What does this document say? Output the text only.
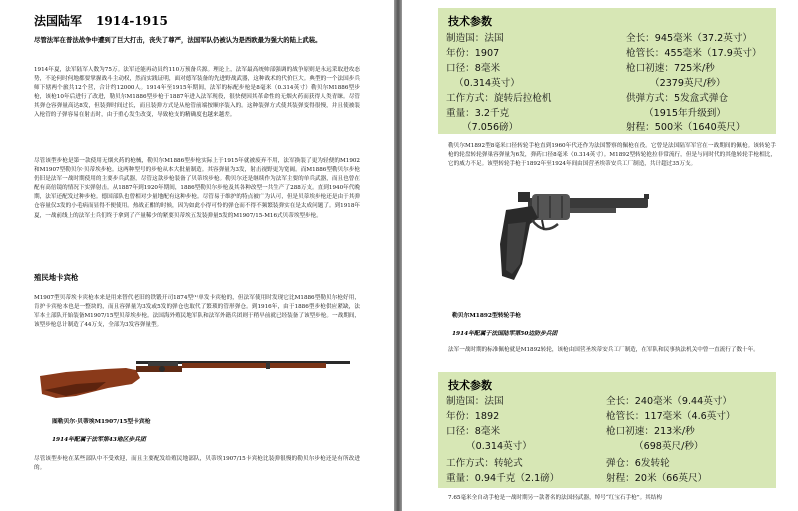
法国陆军 1914-1915
尽管法军在普法战争中遭到了巨大打击，丧失了尊严，法国军队仍被认为是西欧最为强大的陆上武装。
1914年夏，法军陆军人数为75万。法军还能再动员约110万预备兵源。理论上，法军最高统帅部强调的战争原则是永远采取进攻态势，不论何时何地都要掌握战斗主动权，然而实践证明，面对德军装备的先进野战武器，这种战术的代价巨大。典型的一个法国步兵师下辖两个旅共12个营，合计约12000人。1914年至1915年期间，法军的标配步枪是8毫米（0.314英寸）勒贝尔M1886型步枪，该枪10年后进行了改进，勒贝尔M1886型步枪于1887年进入法军现役，很快便因其革命性的无烟火药而获得人类青睐。尽管其弹仓容弹量高达8发，但装弹时间过长，而且装弹方式是从枪管前端按顺序装入的。这种装弹方式使其装弹变得很慢，并且使被装入枪管的子弹容易在射击时，由于重心发生改变，导致枪支的精确度也越来越差。
尽管该型步枪是第一款使用无烟火药的枪械，勒贝尔M1886型步枪实际上于1915年就被废弃不用，法军换装了更为轻便的M1902和M1907型勒贝尔·贝蒂埃步枪。这两种型号的步枪从本大批量制造。其容弹量为3发，射击视野更为宽阔。而M1886型勒贝尔步枪仍旧是法军一战时期使用的主要步兵武器，尽管这款步枪装备了贝蒂埃步枪。勒贝尔还是继续作为法军主要的单兵武器，而且也曾在配有高倍镜的情况下实弹射击。从1887年到1920年期间，1886型勒贝尔步枪及其各种改型一共生产了288万支。直到1940年代晚期，法军还配发过种步枪。德国部队也曾相对少量地配有这种步枪。尽管易于维护的特点被广为认可，但是贝蒂埃步枪还是由于其弹仓容量仅3发的小毛病而显得不便使用。热战正酣的时候，因为如此小得可怜的弹仓而不得不频繁装弹实在是太成问题了。到1918年夏，一战前线上的法军士兵们终于拿到了产量稀少的紧要贝蒂埃五发装弹量5发的M1907/15-M16式贝蒂埃型步枪。
殖民地卡宾枪
M1907型贝蒂埃卡宾枪本来是用来替代老旧的铁锻开司1874型⁽¹⁾单发卡宾枪的，但法军使用时发现它比M1886型勒贝尔枪好用，肯护卡宾枪本也是一整块的，而且容弹量为3发或5发的弹仓也取代了繁琐的管形弹仓。到1916年，由于1886型步枪供应紧缺，法军本土部队开始装备M1907/15型贝蒂埃步枪。法国海外殖民地军队和法军外籍兵团则于稍早前就已经装备了该型步枪。一战期间，该型步枪总计制造了44万支，全部为3发容弹量型。
图勒贝尔·贝蒂埃M1907/15型卡宾枪
1914年配属于法军第43地区步兵团
尽管该型步枪在某些部队中不受欢迎，而且主要配发给殖民地部队，贝蒂埃1907/15卡宾枪比装弹很慢的勒贝尔步枪还是有所改进的。
技术参数
制造国：法国
年份：1907
口径：8毫米
（0.314英寸）
工作方式：旋转后拉枪机
重量：3.2千克
（7.056磅）
全长：945毫米（37.2英寸）
枪管长：455毫米（17.9英寸）
枪口初速：725米/秒
（2379英尺/秒）
供弹方式：5发盒式弹仓
（1915年升级到）
射程：500米（1640英尺）
勒贝尔M1892型8毫米口径转轮手枪直到1960年代还作为法国警察的佩枪在役。它曾是法国陆军军官在一战期间的佩枪。该转轮手枪的轮盘转轮弹巢容弹量为6发，弹药口径8毫米（0.314英寸）。M1892型转轮抢拉非常流行，但是与同时代的其他转轮手枪相比，它的威力不足。该型转轮手枪于1892年至1924年间由国营圣埃蒂安兵工厂制造，共计超过35万支。
勒贝尔M1892型转轮手枪
1914年配属于法国陆军第50边防步兵团
法军一战时期的标准佩枪就是M1892转轮，该枪由国营圣埃蒂安兵工厂制造，在军队和民事执法机关中曾一直流行了数十年。
技术参数
制造国：法国
年份：1892
口径：8毫米
（0.314英寸）
工作方式：转轮式
重量：0.94千克（2.1磅）
全长：240毫米（9.44英寸）
枪管长：117毫米（4.6英寸）
枪口初速：213米/秒
（698英尺/秒）
弹仓：6发转轮
射程：20米（66英尺）
7.65毫米全自动手枪是一战时期另一款著名的法国轻武器，绰号“红宝石手枪”。其结构
